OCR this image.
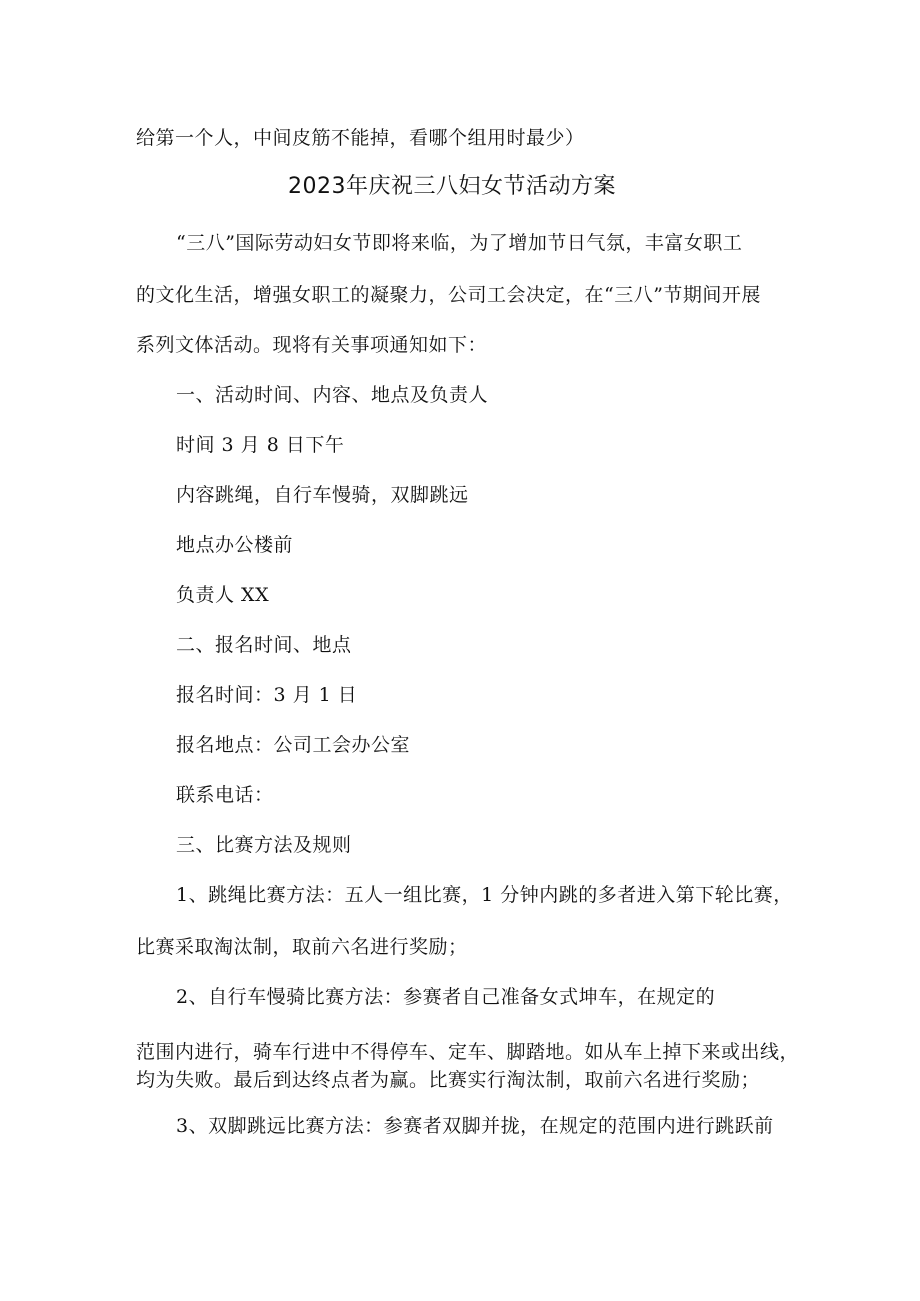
给第一个人，中间皮筋不能掉，看哪个组用时最少）
2023年庆祝三八妇女节活动方案
“三八”国际劳动妇女节即将来临，为了增加节日气氛，丰富女职工
的文化生活，增强女职工的凝聚力，公司工会决定，在“三八”节期间开展
系列文体活动。现将有关事项通知如下：
一、活动时间、内容、地点及负责人
时间 3 月 8 日下午
内容跳绳，自行车慢骑，双脚跳远
地点办公楼前
负责人 XX
二、报名时间、地点
报名时间：3 月 1 日
报名地点：公司工会办公室
联系电话：
三、比赛方法及规则
1、跳绳比赛方法：五人一组比赛，1 分钟内跳的多者进入第下轮比赛，
比赛采取淘汰制，取前六名进行奖励；
2、自行车慢骑比赛方法：参赛者自己准备女式坤车，在规定的
范围内进行，骑车行进中不得停车、定车、脚踏地。如从车上掉下来或出线，
均为失败。最后到达终点者为赢。比赛实行淘汰制，取前六名进行奖励；
3、双脚跳远比赛方法：参赛者双脚并拢，在规定的范围内进行跳跃前
